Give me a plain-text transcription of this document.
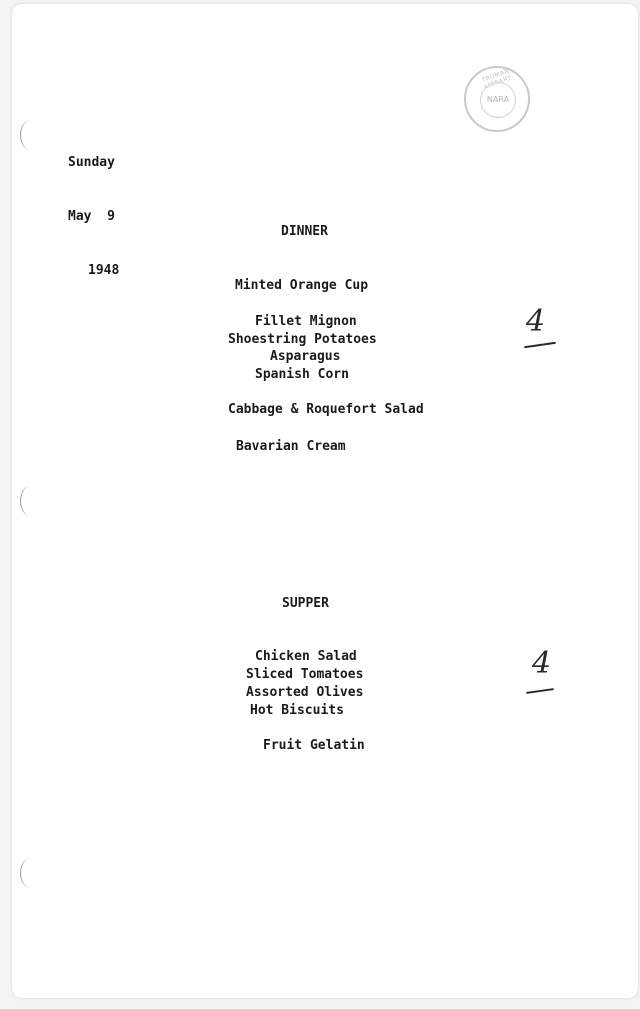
TRUMAN LIBRARY
NARA

Sunday

May  9

1948

DINNER
Minted Orange Cup
Fillet Mignon
Shoestring Potatoes
Asparagus
Spanish Corn
Cabbage & Roquefort Salad
Bavarian Cream
4
SUPPER
Chicken Salad
Sliced Tomatoes
Assorted Olives
Hot Biscuits
Fruit Gelatin
4
